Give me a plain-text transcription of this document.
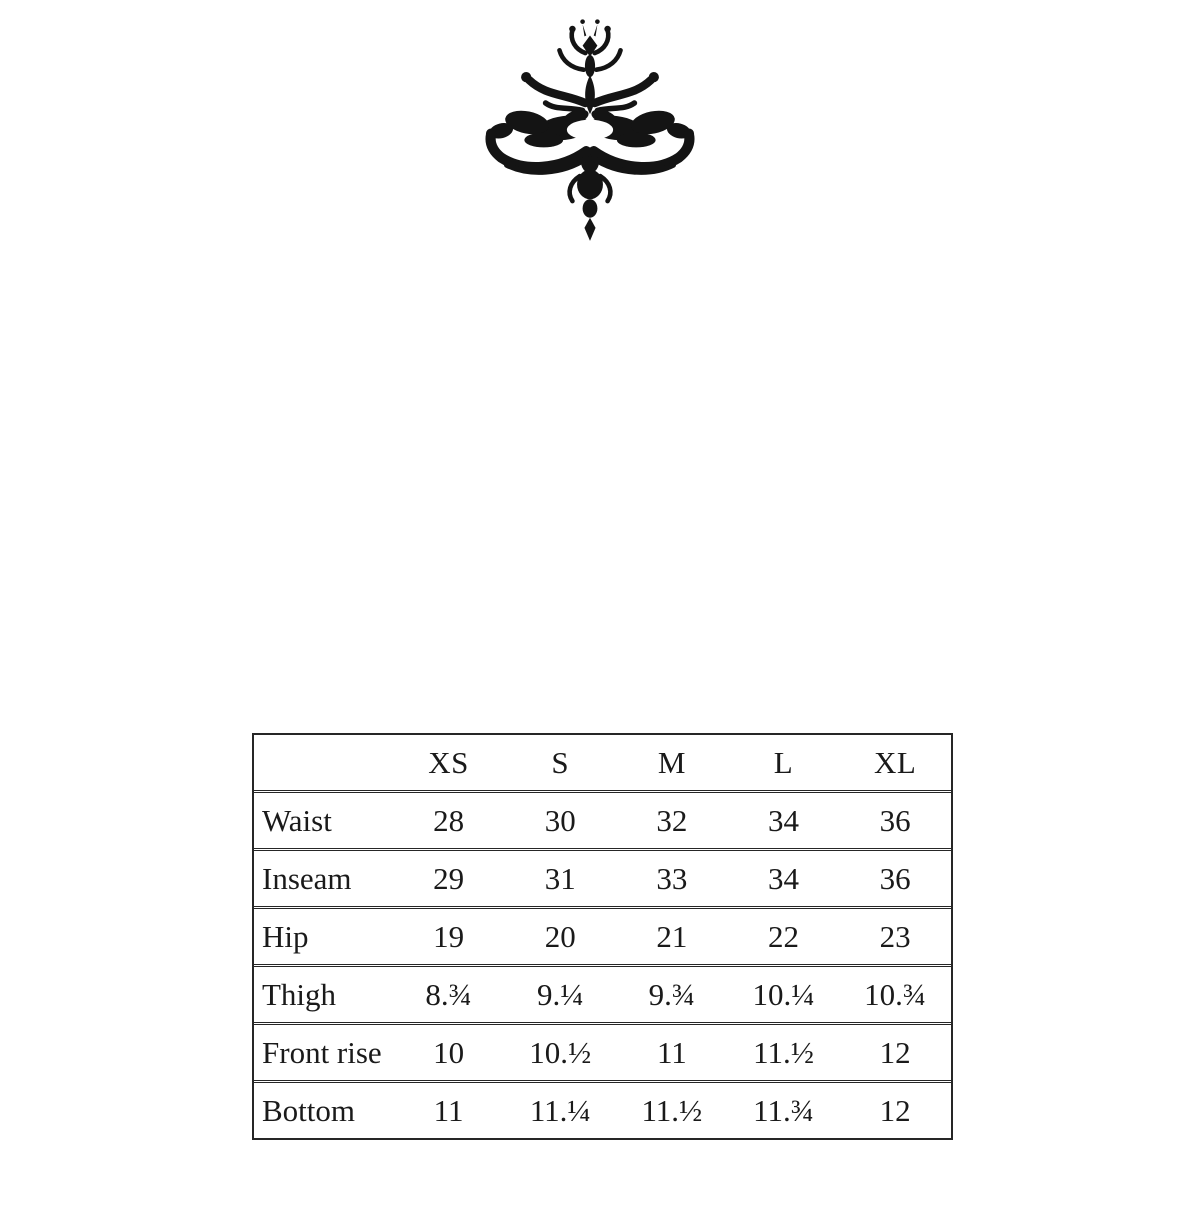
	XS	S	M	L	XL
Waist	28	30	32	34	36
Inseam	29	31	33	34	36
Hip	19	20	21	22	23
Thigh	8.¾	9.¼	9.¾	10.¼	10.¾
Front rise	10	10.½	11	11.½	12
Bottom	11	11.¼	11.½	11.¾	12
